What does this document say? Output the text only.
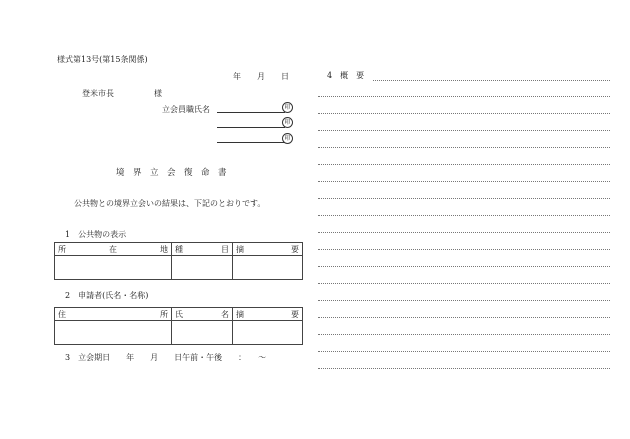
様式第13号(第15条関係)
年　　月　　日
登米市長　　　　　様
立会員職氏名	印
印
印
境　界　立　会　復　命　書
公共物との境界立会いの結果は、下記のとおりです。
1　公共物の表示
所 在 地	種 目	摘 要

2　申請者(氏名・名称)
住 所	氏 名	摘 要

3　立会期日　　年　　月　　日午前・午後　　：　　〜
4　概　要
